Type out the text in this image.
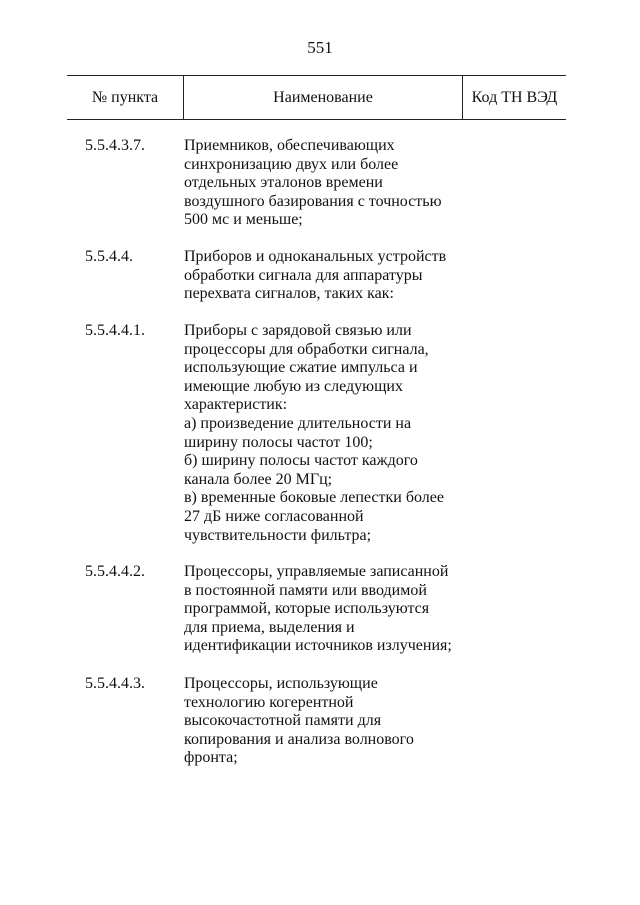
551
№ пункта	Наименование	Код ТН ВЭД
5.5.4.3.7. Приемников, обеспечивающих
синхронизацию двух или более
отдельных эталонов времени
воздушного базирования с точностью
500 мс и меньше;
5.5.4.4.	Приборов и одноканальных устройств
обработки сигнала для аппаратуры
перехвата сигналов, таких как:
5.5.4.4.1. Приборы с зарядовой связью или
процессоры для обработки сигнала,
использующие сжатие импульса и
имеющие любую из следующих
характеристик:
а) произведение длительности на
ширину полосы частот 100;
б) ширину полосы частот каждого
канала более 20 МГц;
в) временные боковые лепестки более
27 дБ ниже согласованной
чувствительности фильтра;
5.5.4.4.2. Процессоры, управляемые записанной
в постоянной памяти или вводимой
программой, которые используются
для приема, выделения и
идентификации источников излучения;
5.5.4.4.3. Процессоры, использующие
технологию когерентной
высокочастотной памяти для
копирования и анализа волнового
фронта;
